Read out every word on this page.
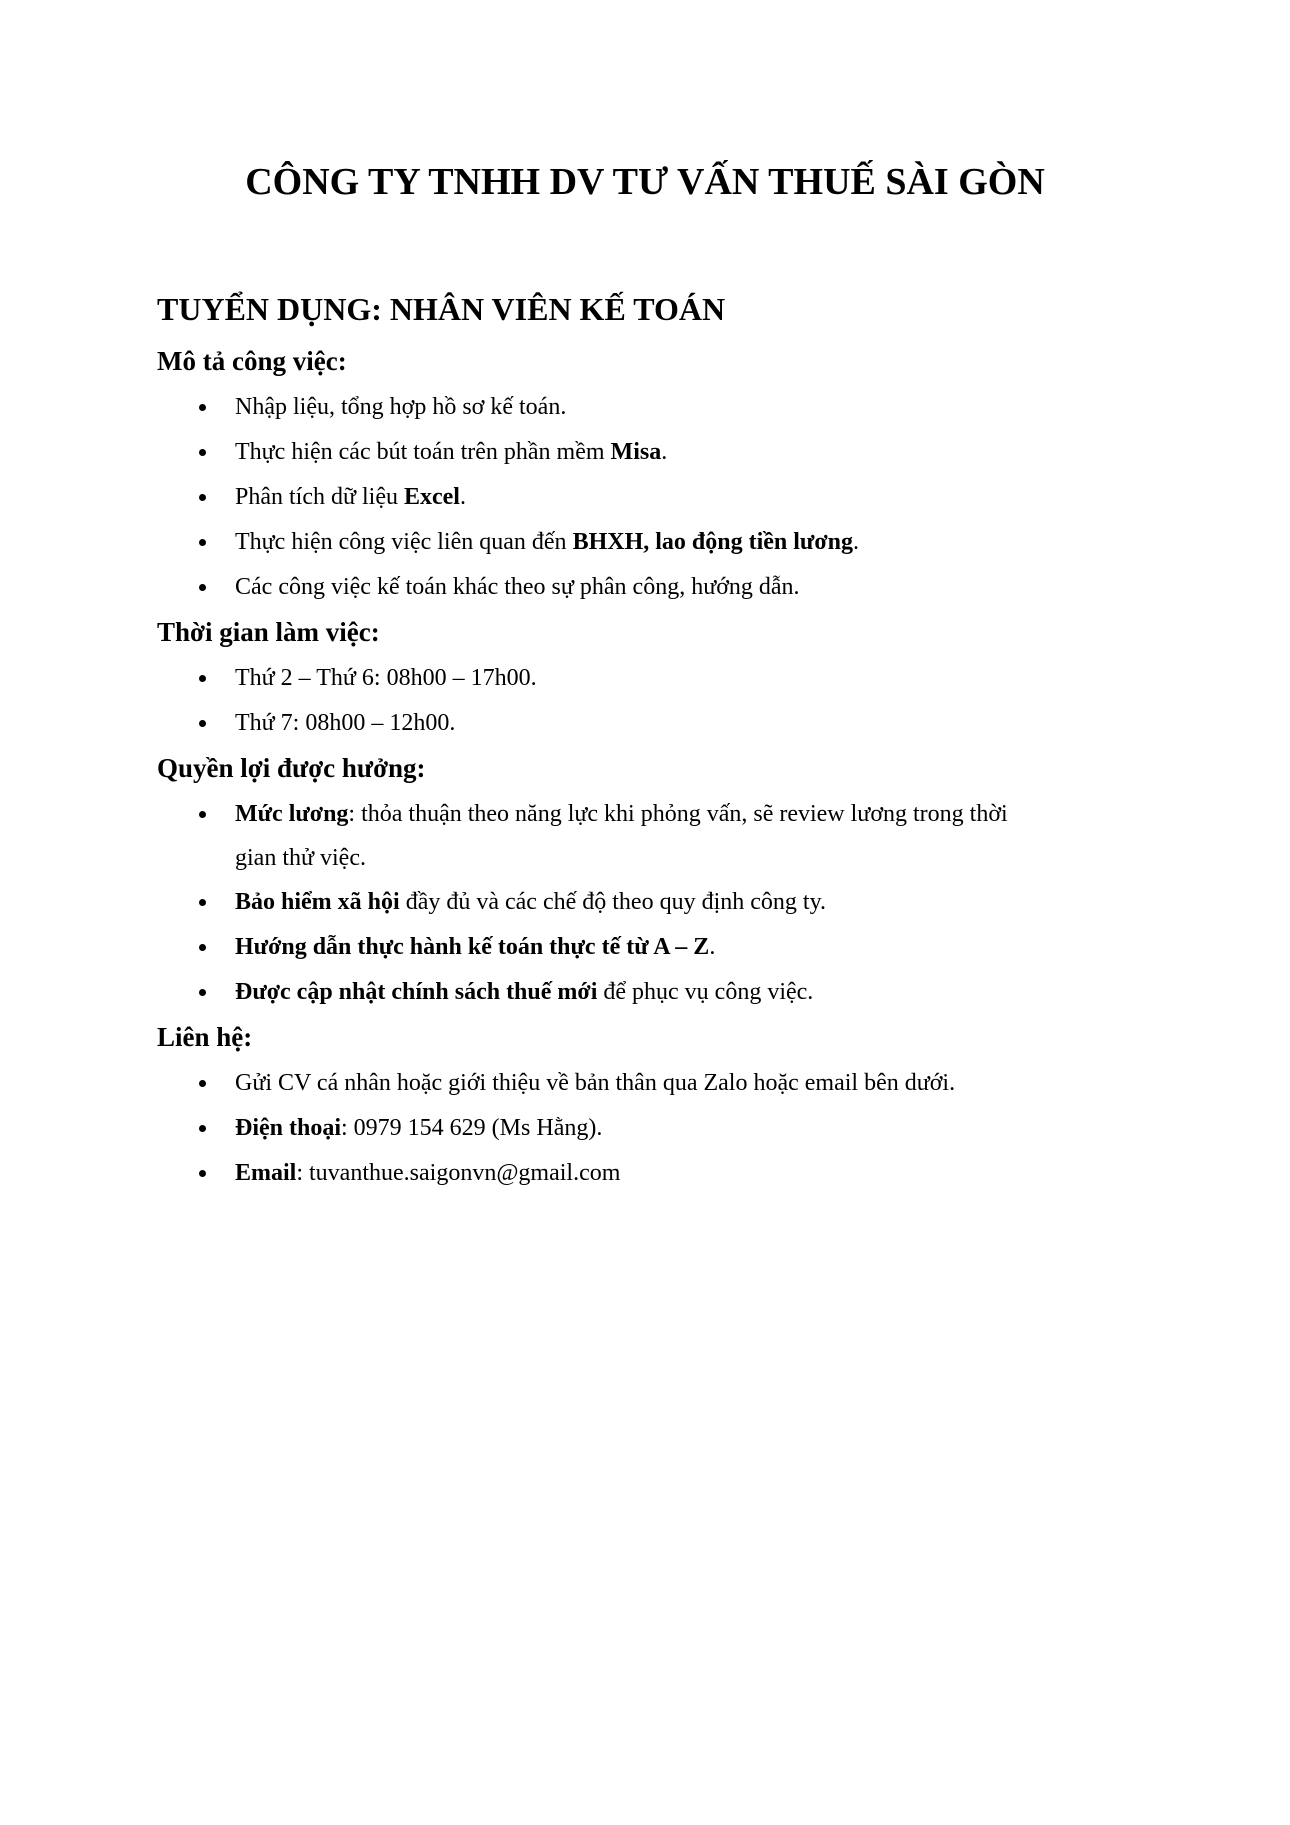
CÔNG TY TNHH DV TƯ VẤN THUẾ SÀI GÒN
TUYỂN DỤNG: NHÂN VIÊN KẾ TOÁN
Mô tả công việc:
Nhập liệu, tổng hợp hồ sơ kế toán.
Thực hiện các bút toán trên phần mềm Misa.
Phân tích dữ liệu Excel.
Thực hiện công việc liên quan đến BHXH, lao động tiền lương.
Các công việc kế toán khác theo sự phân công, hướng dẫn.
Thời gian làm việc:
Thứ 2 – Thứ 6: 08h00 – 17h00.
Thứ 7: 08h00 – 12h00.
Quyền lợi được hưởng:
Mức lương: thỏa thuận theo năng lực khi phỏng vấn, sẽ review lương trong thời gian thử việc.
Bảo hiểm xã hội đầy đủ và các chế độ theo quy định công ty.
Hướng dẫn thực hành kế toán thực tế từ A – Z.
Được cập nhật chính sách thuế mới để phục vụ công việc.
Liên hệ:
Gửi CV cá nhân hoặc giới thiệu về bản thân qua Zalo hoặc email bên dưới.
Điện thoại: 0979 154 629 (Ms Hằng).
Email: tuvanthue.saigonvn@gmail.com
